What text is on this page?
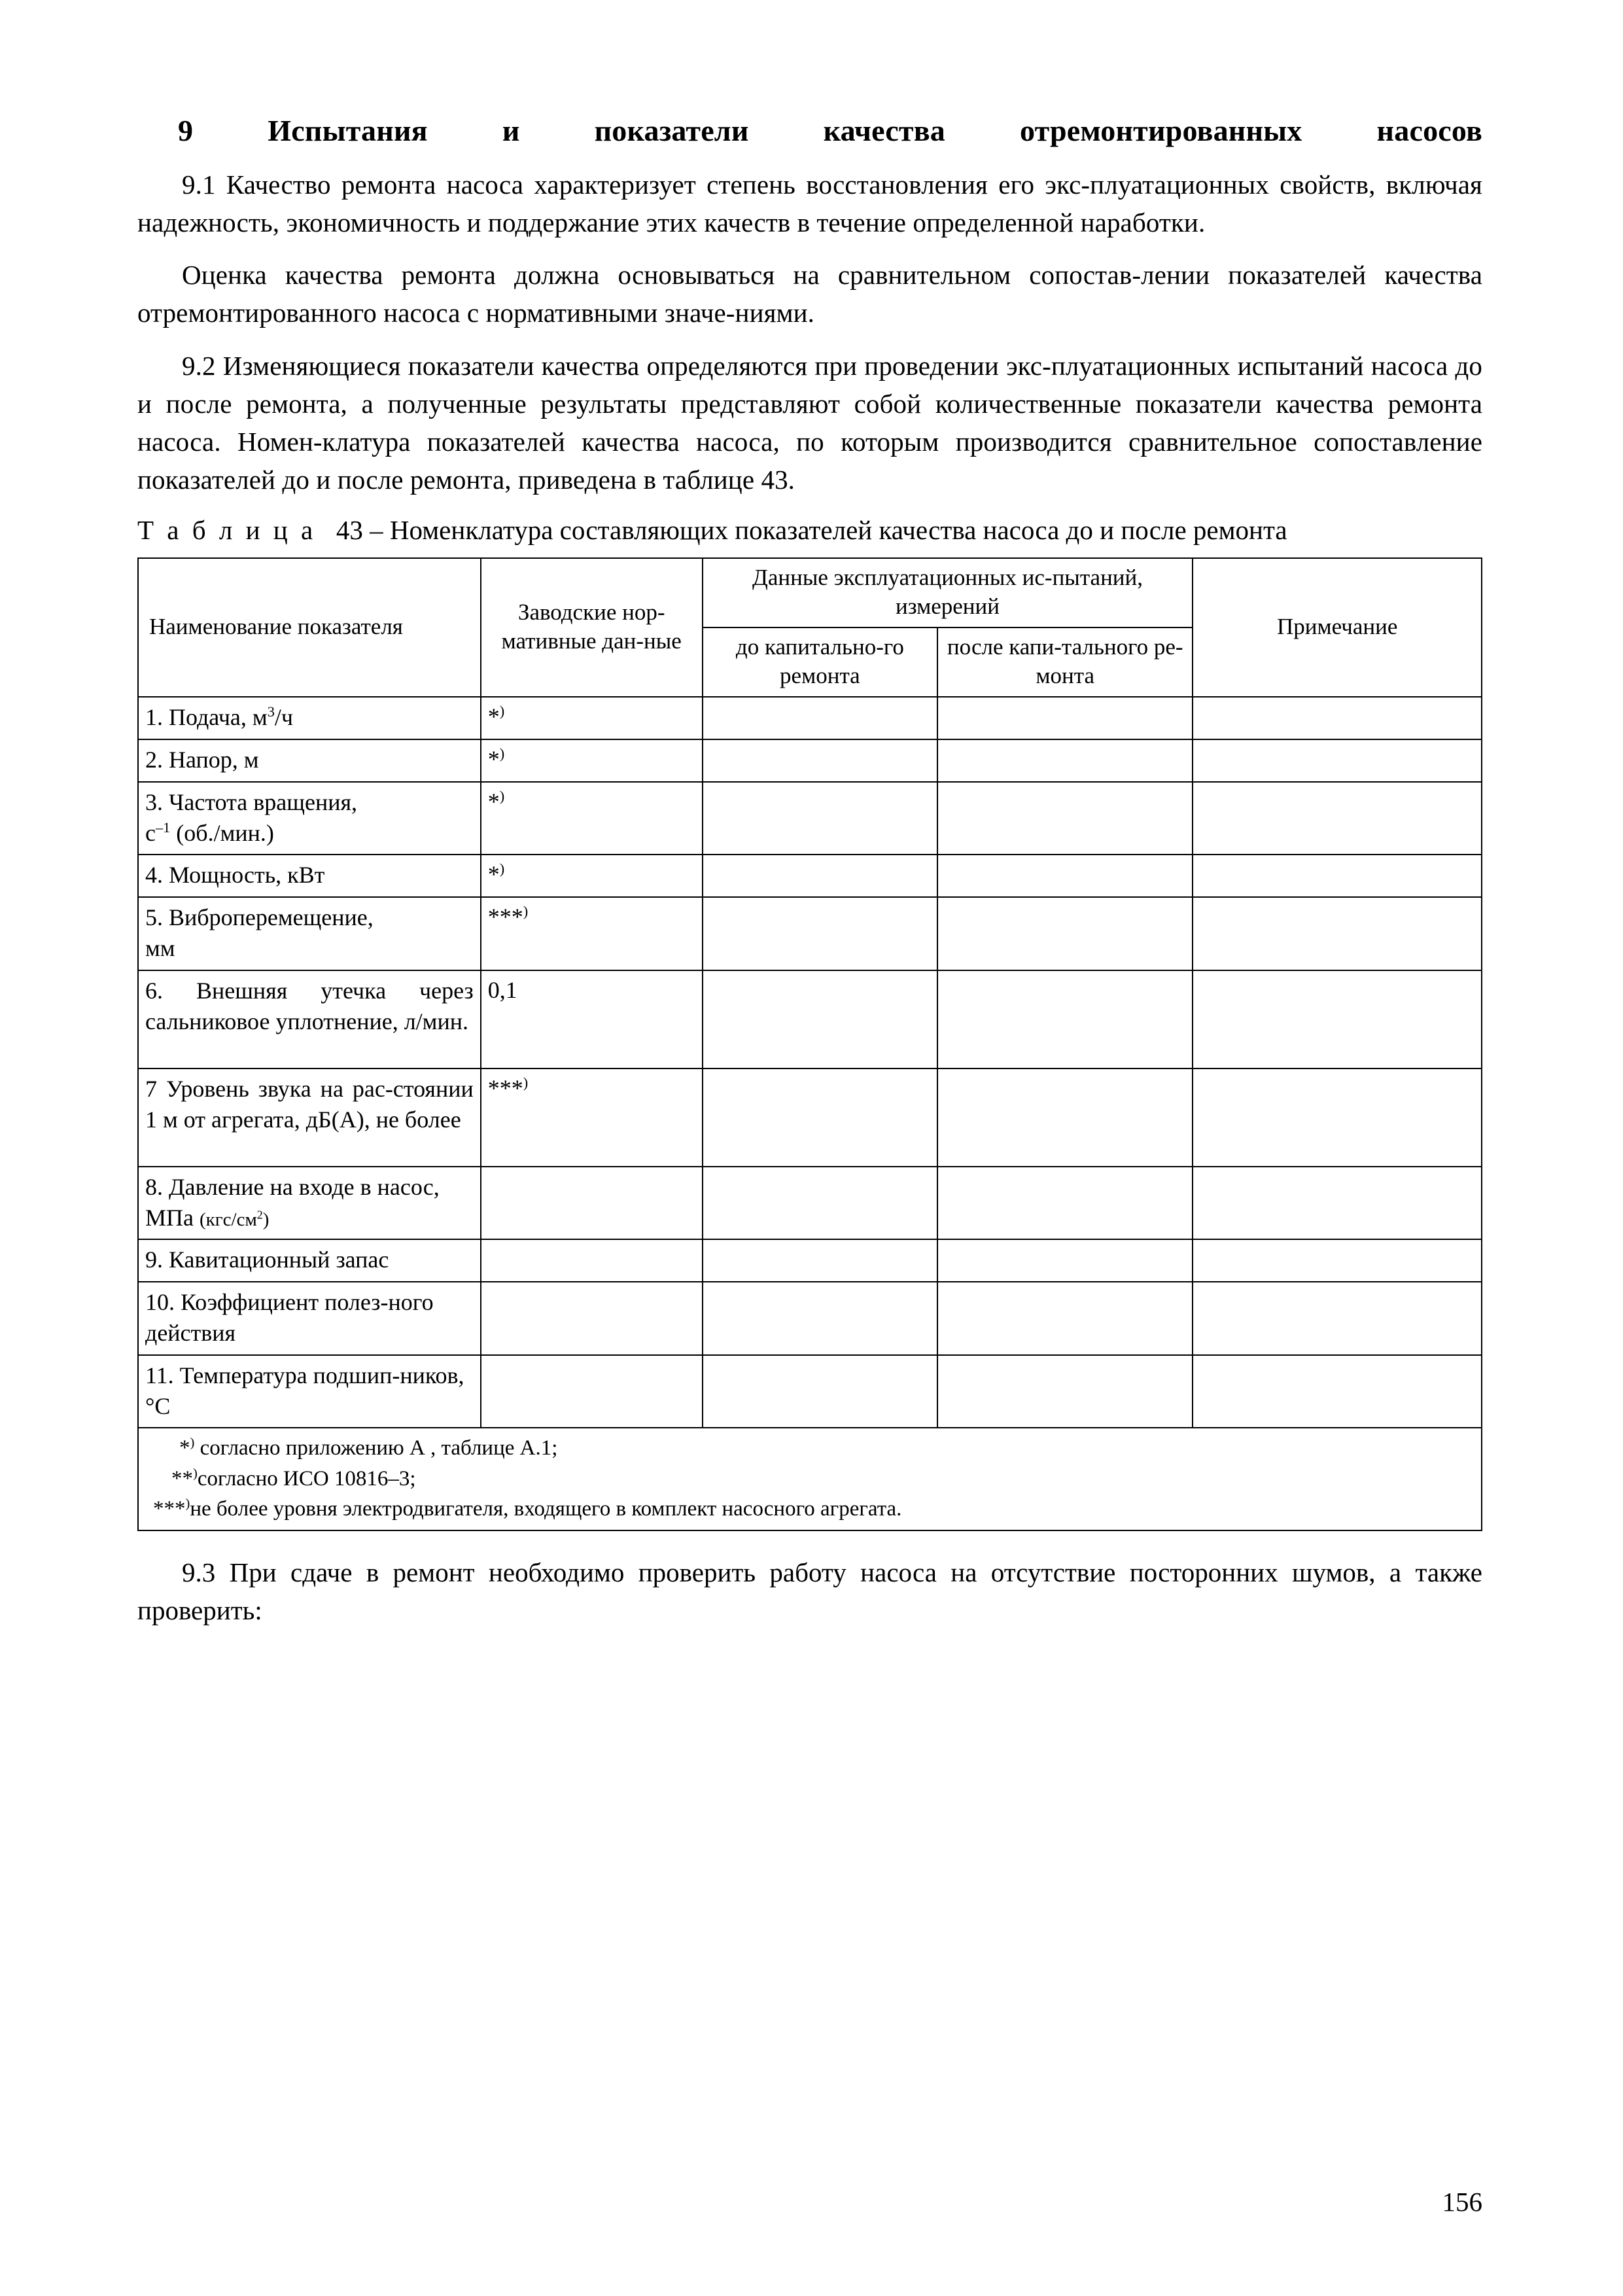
9 Испытания и показатели качества отремонтированных насосов

9.1 Качество ремонта насоса характеризует степень восстановления его экс-плуатационных свойств, включая надежность, экономичность и поддержание этих качеств в течение определенной наработки.

Оценка качества ремонта должна основываться на сравнительном сопостав-лении показателей качества отремонтированного насоса с нормативными значе-ниями.

9.2 Изменяющиеся показатели качества определяются при проведении экс-плуатационных испытаний насоса до и после ремонта, а полученные результаты представляют собой количественные показатели качества ремонта насоса. Номен-клатура показателей качества насоса, по которым производится сравнительное сопоставление показателей до и после ремонта, приведена в таблице 43.

Т а б л и ц а 43 – Номенклатура составляющих показателей качества насоса до и после ремонта
Наименование показателя	Заводские нор-мативные дан-ные	Данные эксплуатационных ис-пытаний, измерений		Примечание
		до капитально-го ремонта	после капи-тального ре-монта	
1. Подача, $м^3/ч$	*)			
2. Напор, м	*)			
3. Частота вращения,
$с^{-1}$ (об./мин.)	*)			
4. Мощность, кВт	*)			
5. Виброперемещение,
мм	***)			
6. Внешняя утечка через сальниковое уплотнение, л/мин.	0,1			
7 Уровень звука на рас-стоянии 1 м от агрегата, дБ(А), не более	***)			
8. Давление на входе в насос, МПа $(кгс/см^2)$				
9. Кавитационный запас				
10. Коэффициент полез-ного действия				
11. Температура подшип-ников, °С				

*) согласно приложению А , таблице А.1;
**)согласно ИСО 10816–3;
***)не более уровня электродвигателя, входящего в комплект насосного агрегата.				

9.3 При сдаче в ремонт необходимо проверить работу насоса на отсутствие посторонних шумов, а также проверить:

156
